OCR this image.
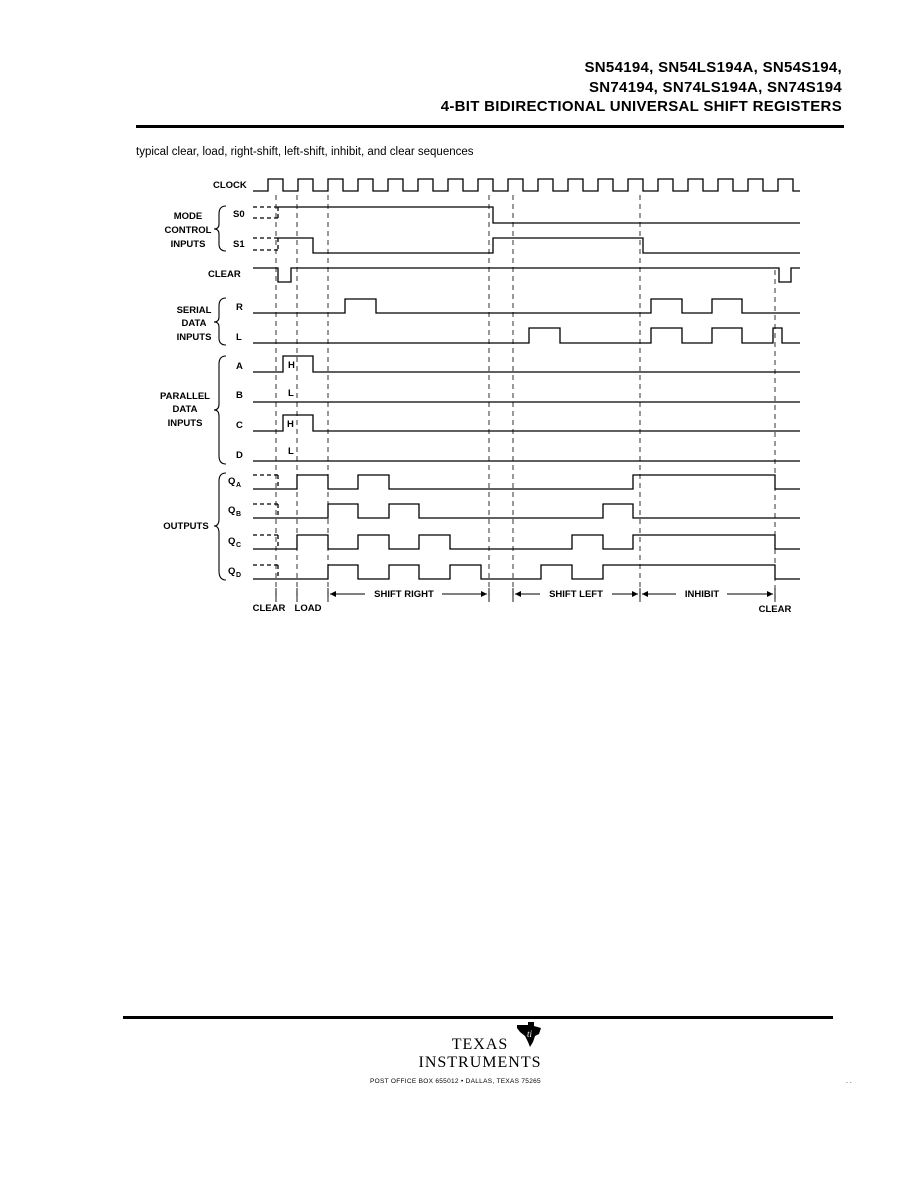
SN54194, SN54LS194A, SN54S194,
SN74194, SN74LS194A, SN74S194
4-BIT BIDIRECTIONAL UNIVERSAL SHIFT REGISTERS
typical clear, load, right-shift, left-shift, inhibit, and clear sequences
CLOCK
S0
S1
CLEAR
R
L
A
B
C
D
Q A
Q B
Q C
Q D
MODE
CONTROL
INPUTS
SERIAL
DATA
INPUTS
PARALLEL
DATA
INPUTS
OUTPUTS
H
L
H
L
CLEAR LOAD
SHIFT RIGHT	SHIFT LEFT	INHIBIT
CLEAR
TEXAS
INSTRUMENTS
ti
POST OFFICE BOX 655012 • DALLAS, TEXAS 75265	. .
